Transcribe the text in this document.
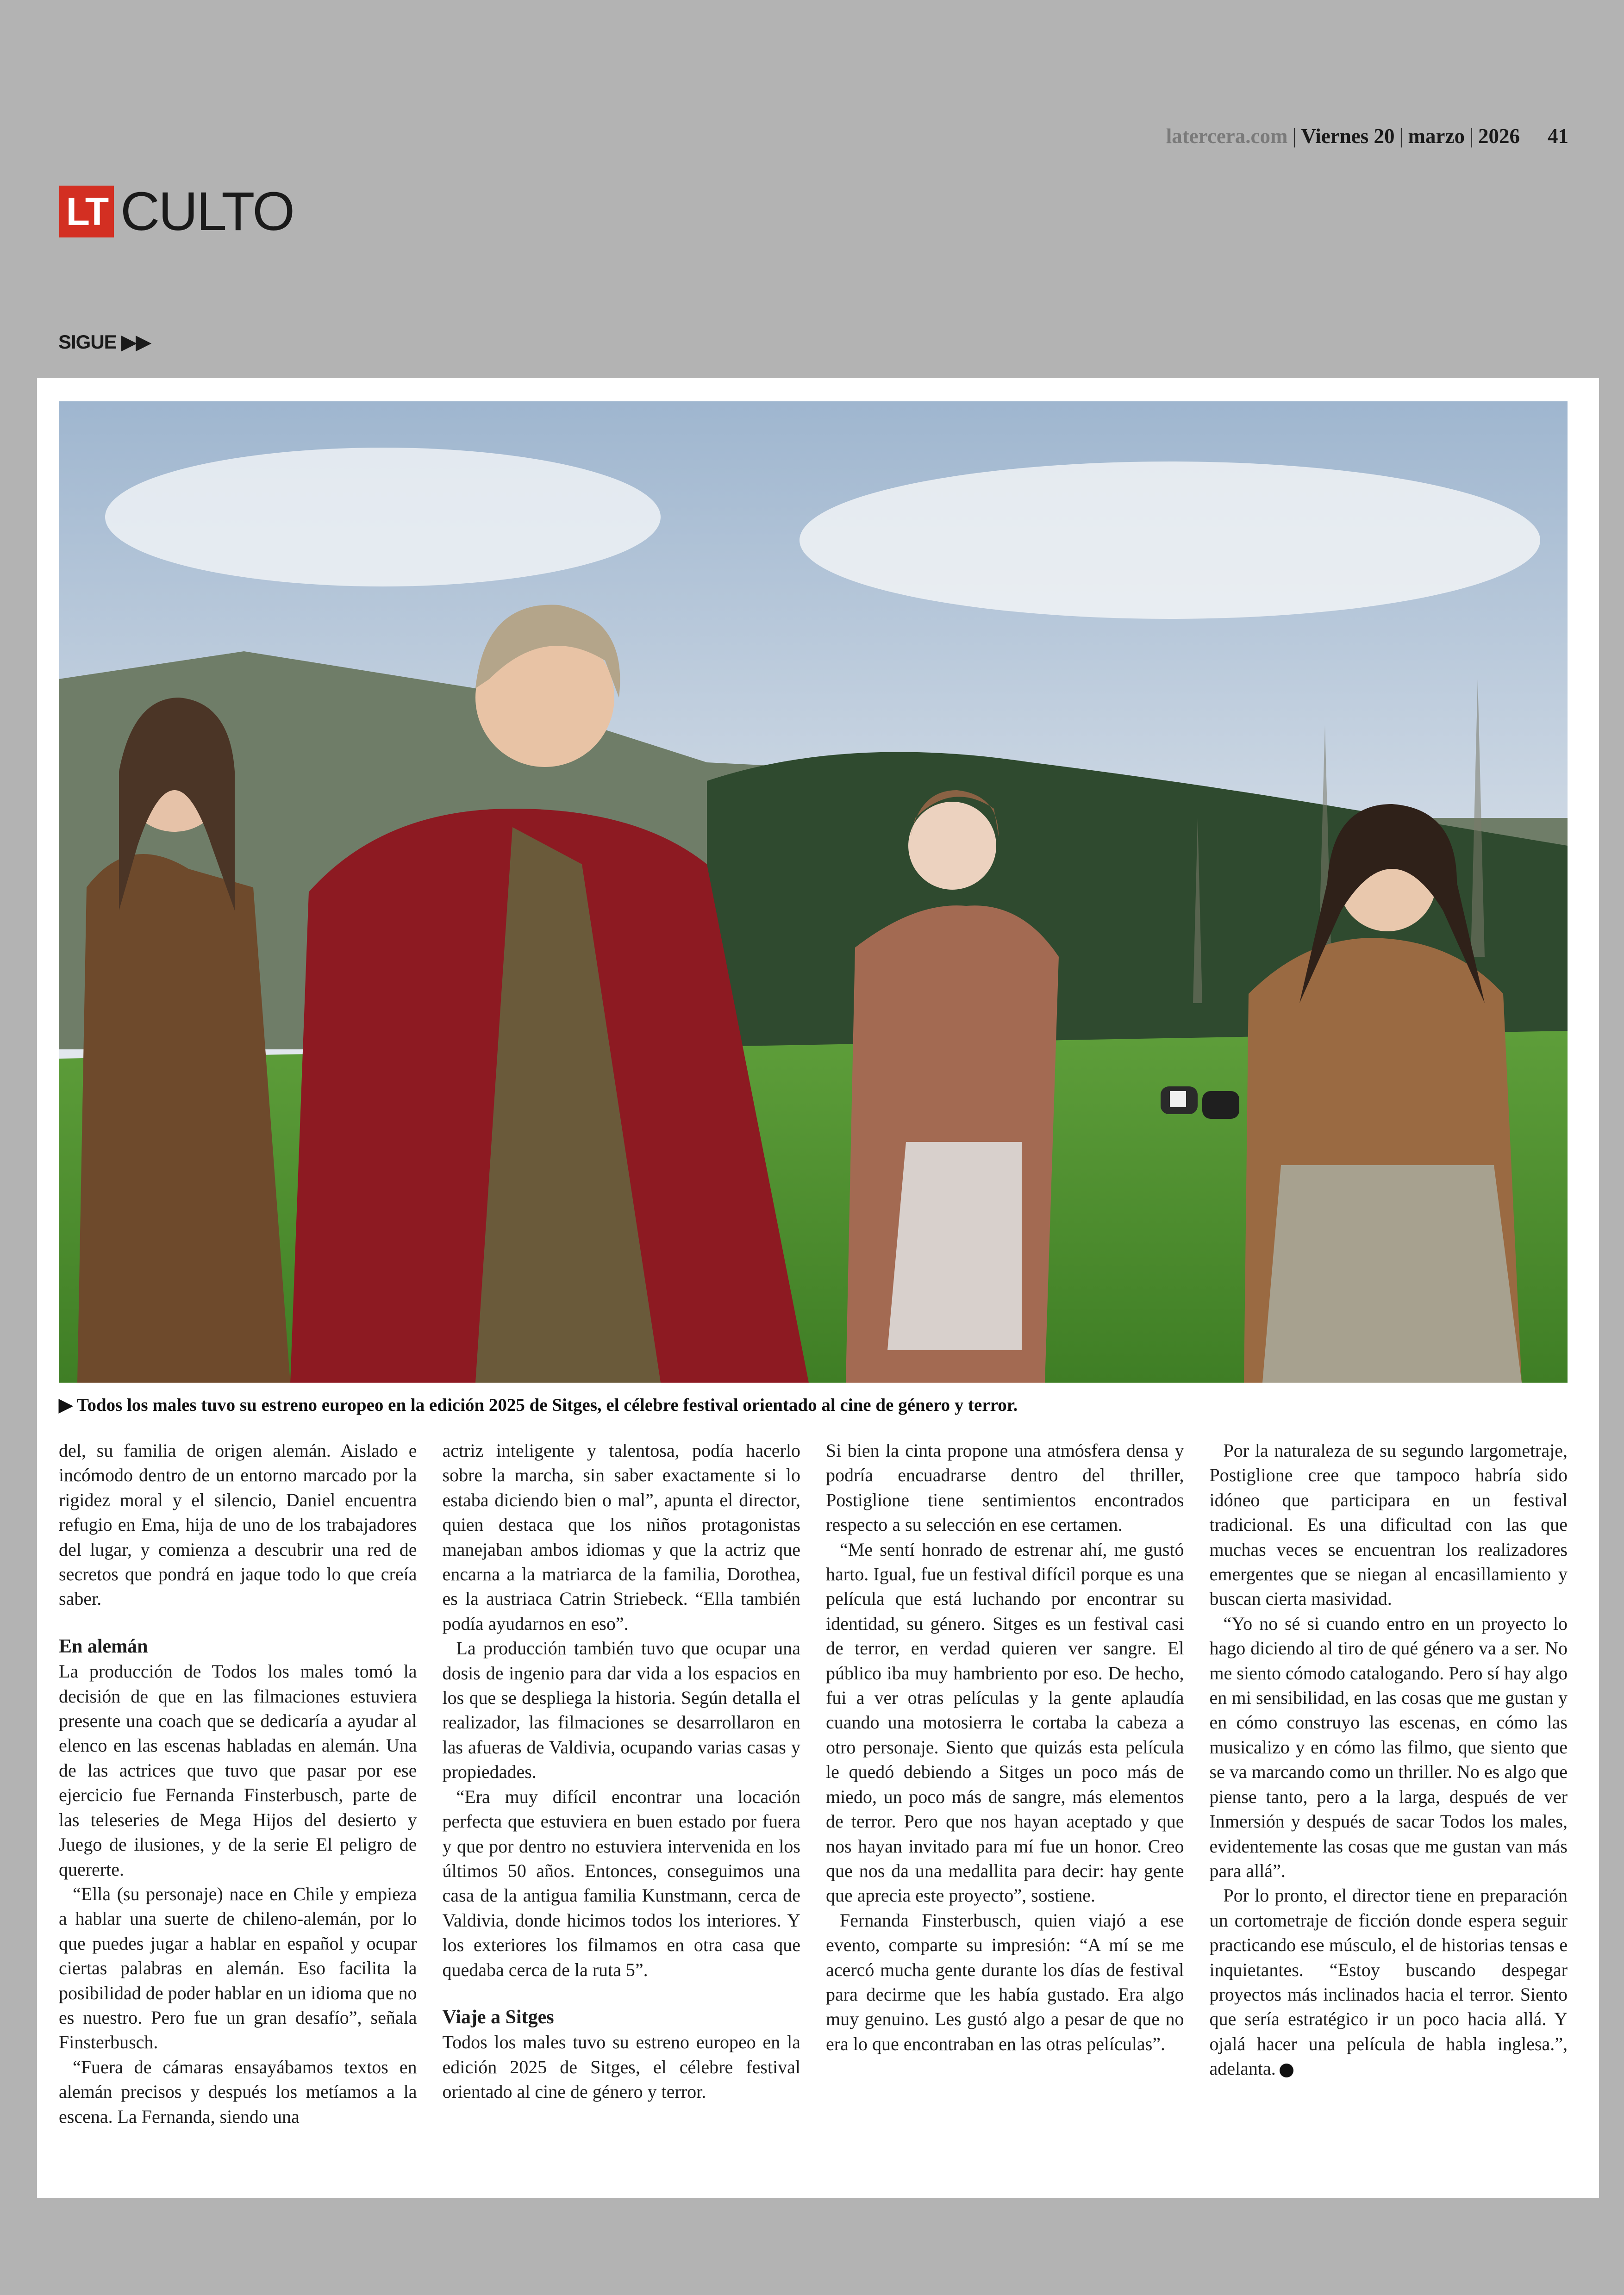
latercera.com | Viernes 20 | marzo | 2026 41
LT CULTO
SIGUE ▶▶
▶ Todos los males tuvo su estreno europeo en la edición 2025 de Sitges, el célebre festival orientado al cine de género y terror.

del, su familia de origen alemán. Aislado e incómodo dentro de un entorno marcado por la rigidez moral y el silencio, Daniel encuentra refugio en Ema, hija de uno de los trabajadores del lugar, y comienza a descubrir una red de secretos que pondrá en jaque todo lo que creía saber.

En alemán

La producción de Todos los males tomó la decisión de que en las filmaciones estuviera presente una coach que se dedicaría a ayudar al elenco en las escenas habladas en alemán. Una de las actrices que tuvo que pasar por ese ejercicio fue Fernanda Finsterbusch, parte de las teleseries de Mega Hijos del desierto y Juego de ilusiones, y de la serie El peligro de quererte.

“Ella (su personaje) nace en Chile y empieza a hablar una suerte de chileno-alemán, por lo que puedes jugar a hablar en español y ocupar ciertas palabras en alemán. Eso facilita la posibilidad de poder hablar en un idioma que no es nuestro. Pero fue un gran desafío”, señala Finsterbusch.

“Fuera de cámaras ensayábamos textos en alemán precisos y después los metíamos a la escena. La Fernanda, siendo una

actriz inteligente y talentosa, podía hacerlo sobre la marcha, sin saber exactamente si lo estaba diciendo bien o mal”, apunta el director, quien destaca que los niños protagonistas manejaban ambos idiomas y que la actriz que encarna a la matriarca de la familia, Dorothea, es la austriaca Catrin Striebeck. “Ella también podía ayudarnos en eso”.

La producción también tuvo que ocupar una dosis de ingenio para dar vida a los espacios en los que se despliega la historia. Según detalla el realizador, las filmaciones se desarrollaron en las afueras de Valdivia, ocupando varias casas y propiedades.

“Era muy difícil encontrar una locación perfecta que estuviera en buen estado por fuera y que por dentro no estuviera intervenida en los últimos 50 años. Entonces, conseguimos una casa de la antigua familia Kunstmann, cerca de Valdivia, donde hicimos todos los interiores. Y los exteriores los filmamos en otra casa que quedaba cerca de la ruta 5”.

Viaje a Sitges

Todos los males tuvo su estreno europeo en la edición 2025 de Sitges, el célebre festival orientado al cine de género y terror.

Si bien la cinta propone una atmósfera densa y podría encuadrarse dentro del thriller, Postiglione tiene sentimientos encontrados respecto a su selección en ese certamen.

“Me sentí honrado de estrenar ahí, me gustó harto. Igual, fue un festival difícil porque es una película que está luchando por encontrar su identidad, su género. Sitges es un festival casi de terror, en verdad quieren ver sangre. El público iba muy hambriento por eso. De hecho, fui a ver otras películas y la gente aplaudía cuando una motosierra le cortaba la cabeza a otro personaje. Siento que quizás esta película le quedó debiendo a Sitges un poco más de miedo, un poco más de sangre, más elementos de terror. Pero que nos hayan aceptado y que nos hayan invitado para mí fue un honor. Creo que nos da una medallita para decir: hay gente que aprecia este proyecto”, sostiene.

Fernanda Finsterbusch, quien viajó a ese evento, comparte su impresión: “A mí se me acercó mucha gente durante los días de festival para decirme que les había gustado. Era algo muy genuino. Les gustó algo a pesar de que no era lo que encontraban en las otras películas”.

Por la naturaleza de su segundo largometraje, Postiglione cree que tampoco habría sido idóneo que participara en un festival tradicional. Es una dificultad con las que muchas veces se encuentran los realizadores emergentes que se niegan al encasillamiento y buscan cierta masividad.

“Yo no sé si cuando entro en un proyecto lo hago diciendo al tiro de qué género va a ser. No me siento cómodo catalogando. Pero sí hay algo en mi sensibilidad, en las cosas que me gustan y en cómo construyo las escenas, en cómo las musicalizo y en cómo las filmo, que siento que se va marcando como un thriller. No es algo que piense tanto, pero a la larga, después de ver Inmersión y después de sacar Todos los males, evidentemente las cosas que me gustan van más para allá”.

Por lo pronto, el director tiene en preparación un cortometraje de ficción donde espera seguir practicando ese músculo, el de historias tensas e inquietantes. “Estoy buscando despegar proyectos más inclinados hacia el terror. Siento que sería estratégico ir un poco hacia allá. Y ojalá hacer una película de habla inglesa.”, adelanta.
